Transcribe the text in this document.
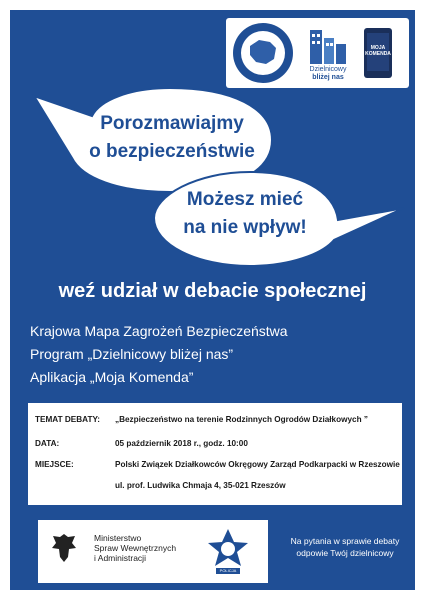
Dzielnicowy
bliżej nas
MOJA
KOMENDA
Porozmawiajmy
o bezpieczeństwie
Możesz mieć
na nie wpływ!
weź udział w debacie społecznej
Krajowa Mapa Zagrożeń Bezpieczeństwa
Program „Dzielnicowy bliżej nas”
Aplikacja „Moja Komenda”
TEMAT DEBATY: „Bezpieczeństwo na terenie Rodzinnych Ogrodów Działkowych ”
DATA:	05 październik 2018 r., godz. 10:00
MIEJSCE:	Polski Związek Działkowców Okręgowy Zarząd Podkarpacki w Rzeszowie
ul. prof. Ludwika Chmaja 4, 35-021 Rzeszów
Ministerstwo
Spraw Wewnętrznych
i Administracji
POLICJA
Na pytania w sprawie debaty
odpowie Twój dzielnicowy
